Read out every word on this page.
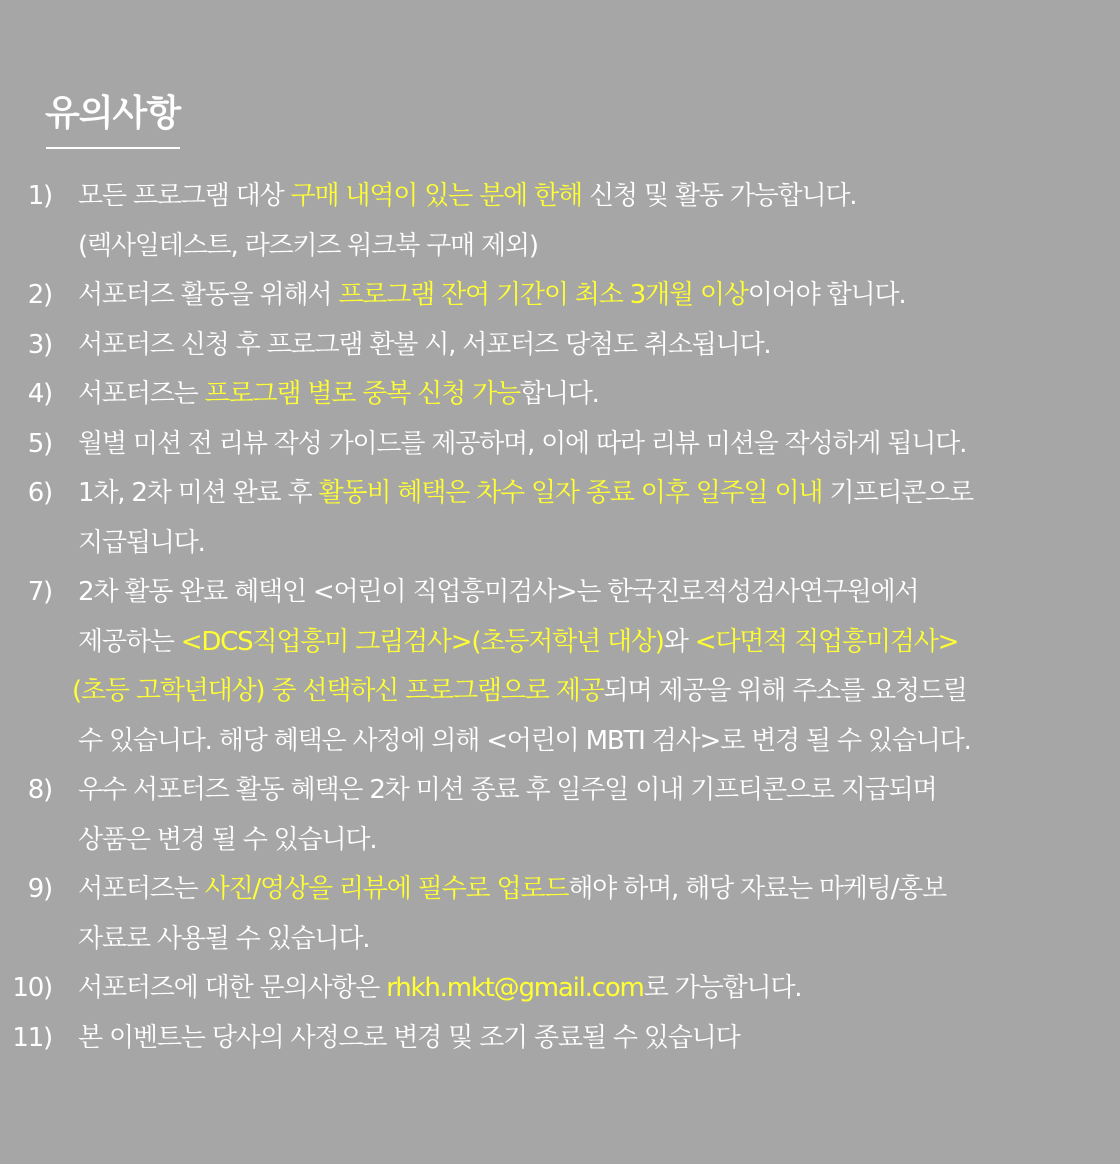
유의사항
1) 모든 프로그램 대상 구매 내역이 있는 분에 한해 신청 및 활동 가능합니다.
(렉사일테스트, 라즈키즈 워크북 구매 제외)
2) 서포터즈 활동을 위해서 프로그램 잔여 기간이 최소 3개월 이상이어야 합니다.
3) 서포터즈 신청 후 프로그램 환불 시, 서포터즈 당첨도 취소됩니다.
4) 서포터즈는 프로그램 별로 중복 신청 가능합니다.
5) 월별 미션 전 리뷰 작성 가이드를 제공하며, 이에 따라 리뷰 미션을 작성하게 됩니다.
6) 1차, 2차 미션 완료 후 활동비 혜택은 차수 일자 종료 이후 일주일 이내 기프티콘으로
지급됩니다.
7) 2차 활동 완료 혜택인 <어린이 직업흥미검사>는 한국진로적성검사연구원에서
제공하는 <DCS직업흥미 그림검사>(초등저학년 대상)와 <다면적 직업흥미검사>
(초등 고학년대상) 중 선택하신 프로그램으로 제공되며 제공을 위해 주소를 요청드릴
수 있습니다. 해당 혜택은 사정에 의해 <어린이 MBTI 검사>로 변경 될 수 있습니다.
8) 우수 서포터즈 활동 혜택은 2차 미션 종료 후 일주일 이내 기프티콘으로 지급되며
상품은 변경 될 수 있습니다.
9) 서포터즈는 사진/영상을 리뷰에 필수로 업로드해야 하며, 해당 자료는 마케팅/홍보
자료로 사용될 수 있습니다.
10) 서포터즈에 대한 문의사항은 rhkh.mkt@gmail.com로 가능합니다.
11) 본 이벤트는 당사의 사정으로 변경 및 조기 종료될 수 있습니다
